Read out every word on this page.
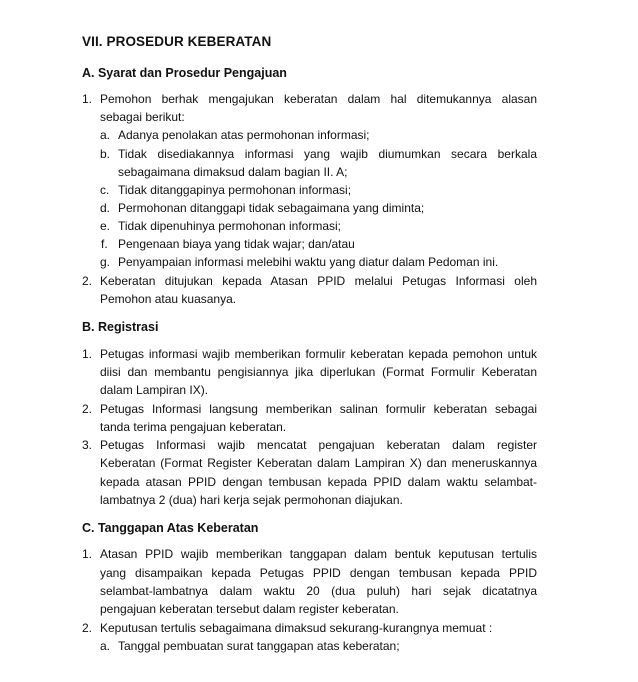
VII. PROSEDUR KEBERATAN
A. Syarat dan Prosedur Pengajuan
1. Pemohon berhak mengajukan keberatan dalam hal ditemukannya alasan
sebagai berikut:
a. Adanya penolakan atas permohonan informasi;
b. Tidak disediakannya informasi yang wajib diumumkan secara berkala
sebagaimana dimaksud dalam bagian II. A;
c. Tidak ditanggapinya permohonan informasi;
d. Permohonan ditanggapi tidak sebagaimana yang diminta;
e. Tidak dipenuhinya permohonan informasi;
f. Pengenaan biaya yang tidak wajar; dan/atau
g. Penyampaian informasi melebihi waktu yang diatur dalam Pedoman ini.
2. Keberatan ditujukan kepada Atasan PPID melalui Petugas Informasi oleh
Pemohon atau kuasanya.
B. Registrasi
1. Petugas informasi wajib memberikan formulir keberatan kepada pemohon untuk
diisi dan membantu pengisiannya jika diperlukan (Format Formulir Keberatan
dalam Lampiran IX).
2. Petugas Informasi langsung memberikan salinan formulir keberatan sebagai
tanda terima pengajuan keberatan.
3. Petugas Informasi wajib mencatat pengajuan keberatan dalam register
Keberatan (Format Register Keberatan dalam Lampiran X) dan meneruskannya
kepada atasan PPID dengan tembusan kepada PPID dalam waktu selambat-
lambatnya 2 (dua) hari kerja sejak permohonan diajukan.
C. Tanggapan Atas Keberatan
1. Atasan PPID wajib memberikan tanggapan dalam bentuk keputusan tertulis
yang disampaikan kepada Petugas PPID dengan tembusan kepada PPID
selambat-lambatnya dalam waktu 20 (dua puluh) hari sejak dicatatnya
pengajuan keberatan tersebut dalam register keberatan.
2. Keputusan tertulis sebagaimana dimaksud sekurang-kurangnya memuat :
a. Tanggal pembuatan surat tanggapan atas keberatan;
